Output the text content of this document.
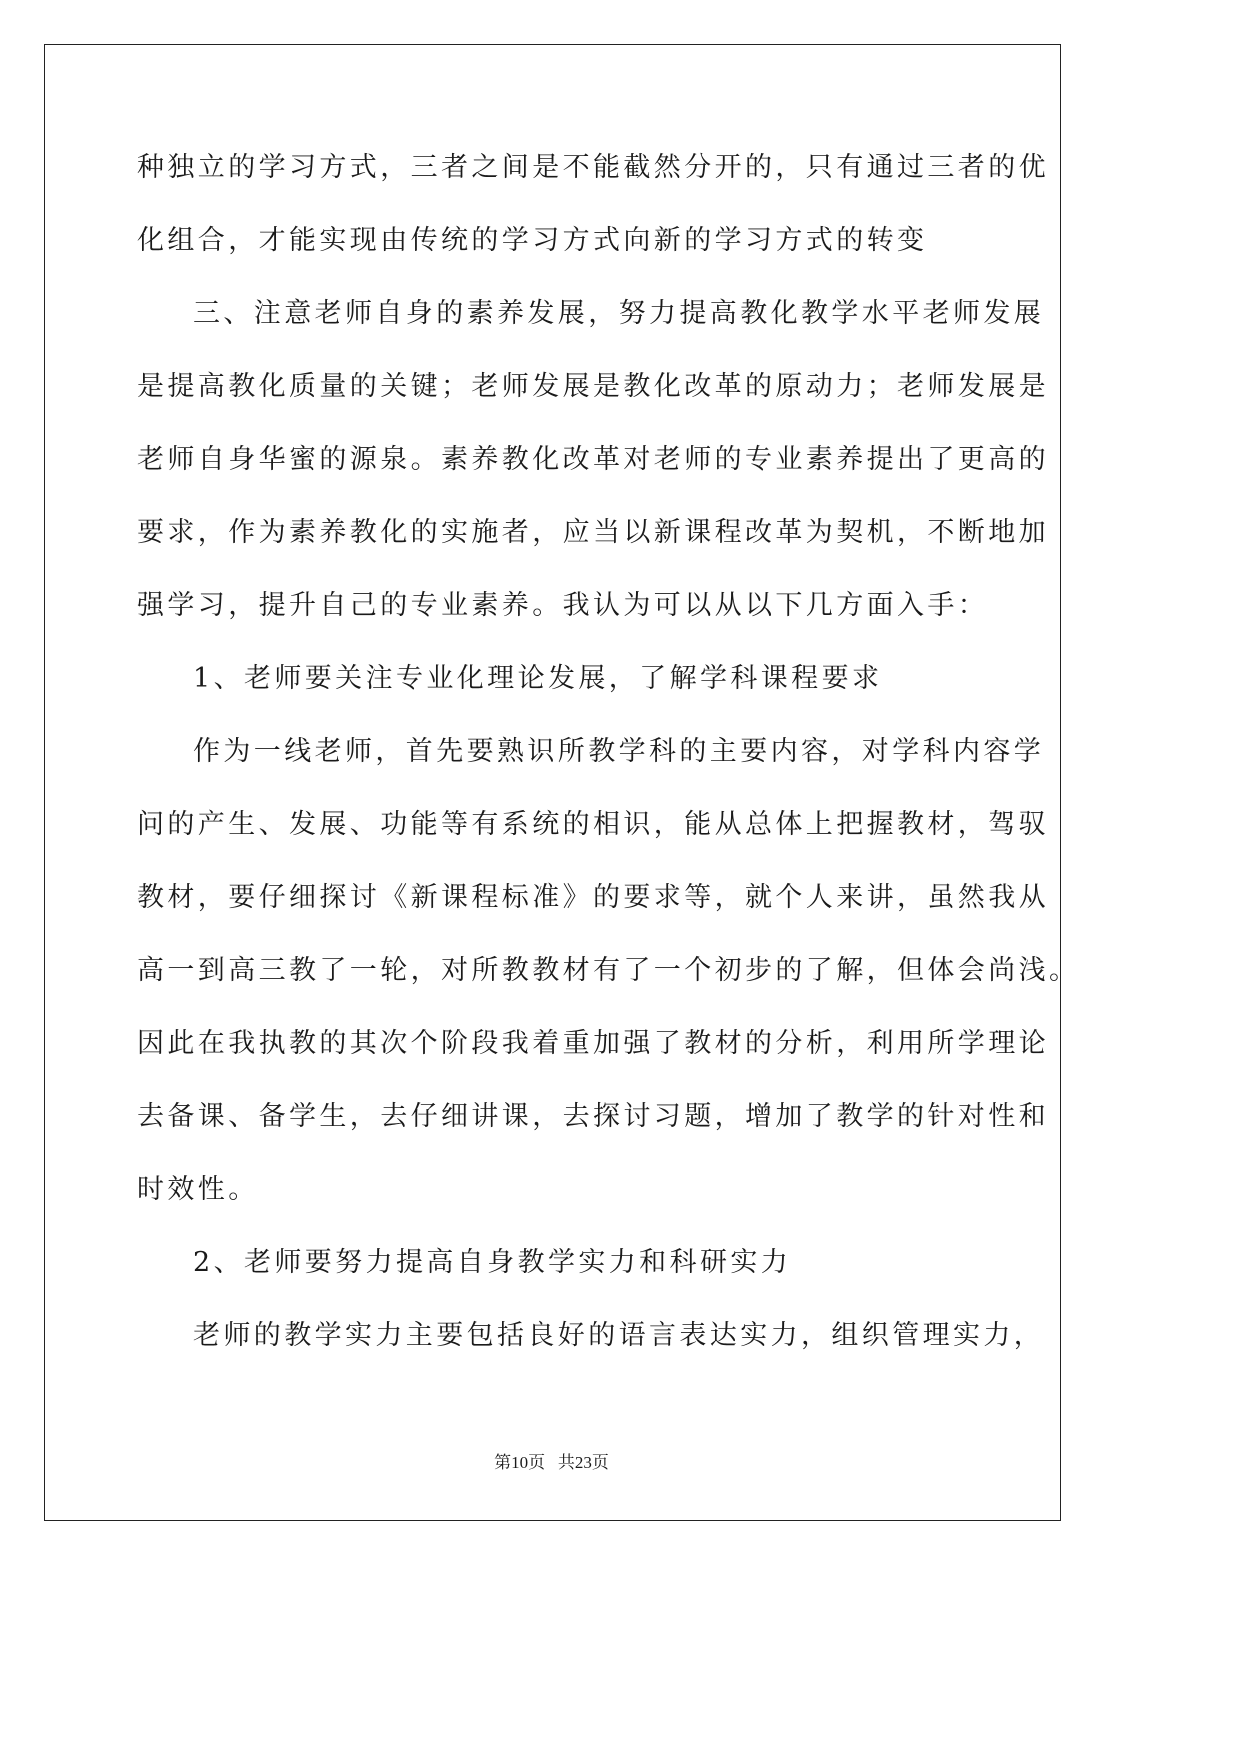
种独立的学习方式，三者之间是不能截然分开的，只有通过三者的优
化组合，才能实现由传统的学习方式向新的学习方式的转变
三、注意老师自身的素养发展，努力提高教化教学水平老师发展
是提高教化质量的关键；老师发展是教化改革的原动力；老师发展是
老师自身华蜜的源泉。素养教化改革对老师的专业素养提出了更高的
要求，作为素养教化的实施者，应当以新课程改革为契机，不断地加
强学习，提升自己的专业素养。我认为可以从以下几方面入手：
1、老师要关注专业化理论发展，了解学科课程要求
作为一线老师，首先要熟识所教学科的主要内容，对学科内容学
问的产生、发展、功能等有系统的相识，能从总体上把握教材，驾驭
教材，要仔细探讨《新课程标准》的要求等，就个人来讲，虽然我从
高一到高三教了一轮，对所教教材有了一个初步的了解，但体会尚浅。
因此在我执教的其次个阶段我着重加强了教材的分析，利用所学理论
去备课、备学生，去仔细讲课，去探讨习题，增加了教学的针对性和
时效性。
2、老师要努力提高自身教学实力和科研实力
老师的教学实力主要包括良好的语言表达实力，组织管理实力，
第10页 共23页
